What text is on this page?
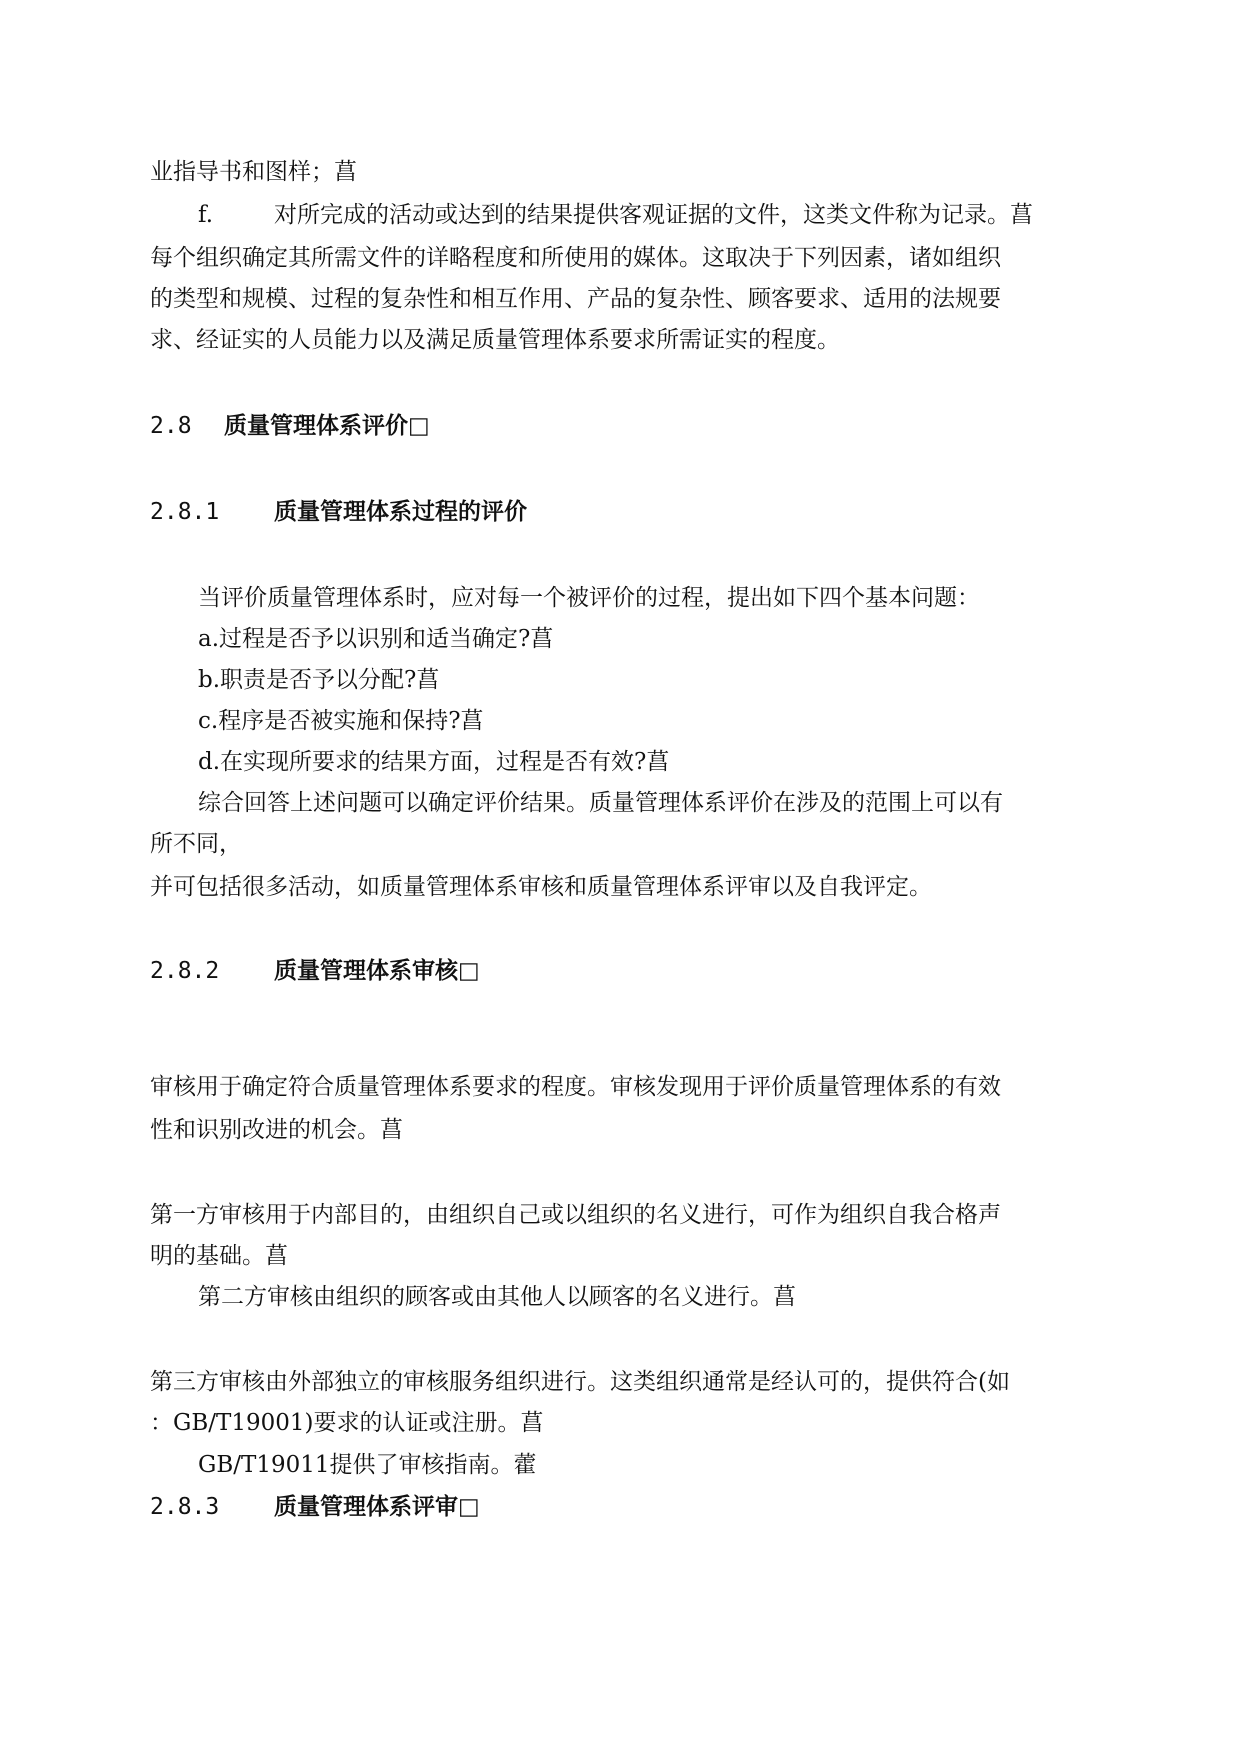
业指导书和图样；菖
f.	对所完成的活动或达到的结果提供客观证据的文件，这类文件称为记录。菖
每个组织确定其所需文件的详略程度和所使用的媒体。这取决于下列因素，诸如组织
的类型和规模、过程的复杂性和相互作用、产品的复杂性、顾客要求、适用的法规要
求、经证实的人员能力以及满足质量管理体系要求所需证实的程度。
2.8 质量管理体系评价□
2.8.1 质量管理体系过程的评价
当评价质量管理体系时，应对每一个被评价的过程，提出如下四个基本问题：
a.过程是否予以识别和适当确定?菖
b.职责是否予以分配?菖
c.程序是否被实施和保持?菖
d.在实现所要求的结果方面，过程是否有效?菖
综合回答上述问题可以确定评价结果。质量管理体系评价在涉及的范围上可以有
所不同，
并可包括很多活动，如质量管理体系审核和质量管理体系评审以及自我评定。
2.8.2 质量管理体系审核□
审核用于确定符合质量管理体系要求的程度。审核发现用于评价质量管理体系的有效
性和识别改进的机会。菖
第一方审核用于内部目的，由组织自己或以组织的名义进行，可作为组织自我合格声
明的基础。菖
第二方审核由组织的顾客或由其他人以顾客的名义进行。菖
第三方审核由外部独立的审核服务组织进行。这类组织通常是经认可的，提供符合(如
：GB/T19001)要求的认证或注册。菖
GB/T19011提供了审核指南。藿
2.8.3 质量管理体系评审□
